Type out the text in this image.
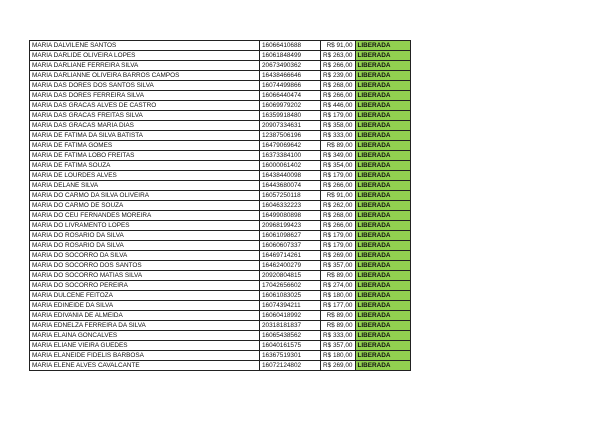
MARIA DALVILENE SANTOS	16066410688	R$ 91,00	LIBERADA
MARIA DARLIDE OLIVEIRA LOPES	16061848499	R$ 263,00	LIBERADA
MARIA DARLIANE FERREIRA SILVA	20673490362	R$ 266,00	LIBERADA
MARIA DARLIANNE OLIVEIRA BARROS CAMPOS	16438466646	R$ 239,00	LIBERADA
MARIA DAS DORES DOS SANTOS SILVA	16074499866	R$ 268,00	LIBERADA
MARIA DAS DORES FERREIRA SILVA	16066440474	R$ 266,00	LIBERADA
MARIA DAS GRACAS ALVES DE CASTRO	16069979202	R$ 446,00	LIBERADA
MARIA DAS GRACAS FREITAS SILVA	16359918480	R$ 179,00	LIBERADA
MARIA DAS GRACAS MARIA DIAS	20907334631	R$ 358,00	LIBERADA
MARIA DE FATIMA DA SILVA BATISTA	12387506196	R$ 333,00	LIBERADA
MARIA DE FATIMA GOMES	16479069642	R$ 89,00	LIBERADA
MARIA DE FATIMA LOBO FREITAS	16373384100	R$ 349,00	LIBERADA
MARIA DE FATIMA SOUZA	16000061402	R$ 354,00	LIBERADA
MARIA DE LOURDES ALVES	16438440098	R$ 179,00	LIBERADA
MARIA DELANE SILVA	16443680074	R$ 266,00	LIBERADA
MARIA DO CARMO DA SILVA OLIVEIRA	16057250118	R$ 91,00	LIBERADA
MARIA DO CARMO DE SOUZA	16046332223	R$ 262,00	LIBERADA
MARIA DO CEU FERNANDES MOREIRA	16499080898	R$ 268,00	LIBERADA
MARIA DO LIVRAMENTO LOPES	20968199423	R$ 266,00	LIBERADA
MARIA DO ROSARIO DA SILVA	16061098627	R$ 179,00	LIBERADA
MARIA DO ROSARIO DA SILVA	16060607337	R$ 179,00	LIBERADA
MARIA DO SOCORRO DA SILVA	16469714261	R$ 269,00	LIBERADA
MARIA DO SOCORRO DOS SANTOS	16462400279	R$ 357,00	LIBERADA
MARIA DO SOCORRO MATIAS SILVA	20920804815	R$ 89,00	LIBERADA
MARIA DO SOCORRO PEREIRA	17042656602	R$ 274,00	LIBERADA
MARIA DULCENE FEITOZA	16061083025	R$ 180,00	LIBERADA
MARIA EDINEIDE DA SILVA	16074394211	R$ 177,00	LIBERADA
MARIA EDIVANIA DE ALMEIDA	16060418992	R$ 89,00	LIBERADA
MARIA EDNELZA FERREIRA DA SILVA	20318181837	R$ 89,00	LIBERADA
MARIA ELAINA GONCALVES	16065438562	R$ 333,00	LIBERADA
MARIA ELIANE VIEIRA GUEDES	16040161575	R$ 357,00	LIBERADA
MARIA ELANEIDE FIDELIS BARBOSA	16367519301	R$ 180,00	LIBERADA
MARIA ELENE ALVES CAVALCANTE	16072124802	R$ 269,00	LIBERADA
